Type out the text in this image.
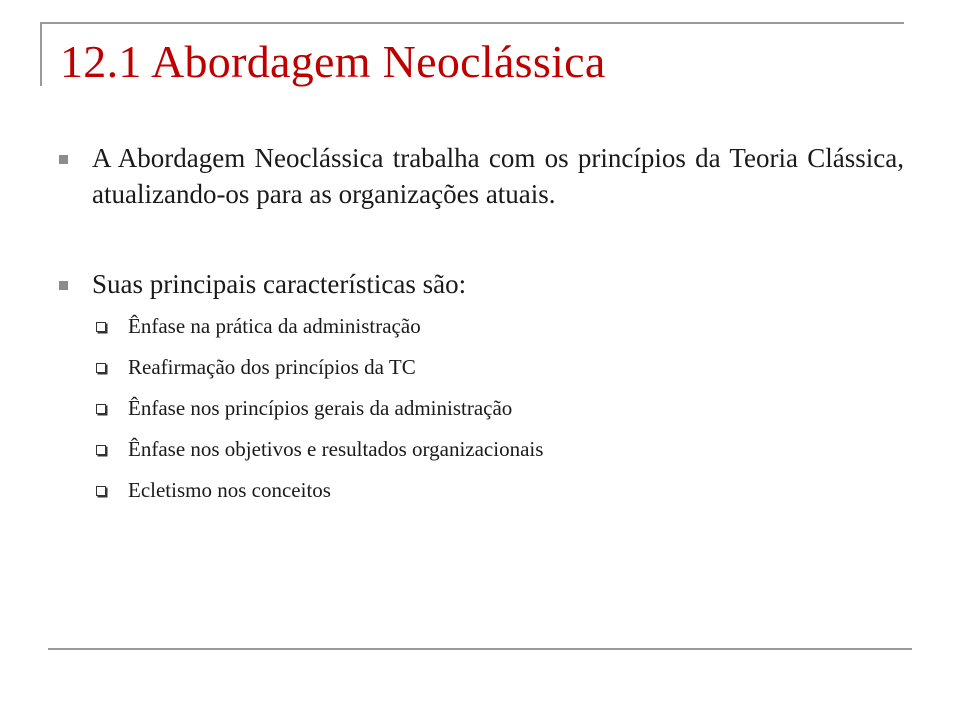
12.1 Abordagem Neoclássica
A Abordagem Neoclássica trabalha com os princípios da Teoria Clássica, atualizando-os para as organizações atuais.
Suas principais características são:
Ênfase na prática da administração
Reafirmação dos princípios da TC
Ênfase nos princípios gerais da administração
Ênfase nos objetivos e resultados organizacionais
Ecletismo nos conceitos
